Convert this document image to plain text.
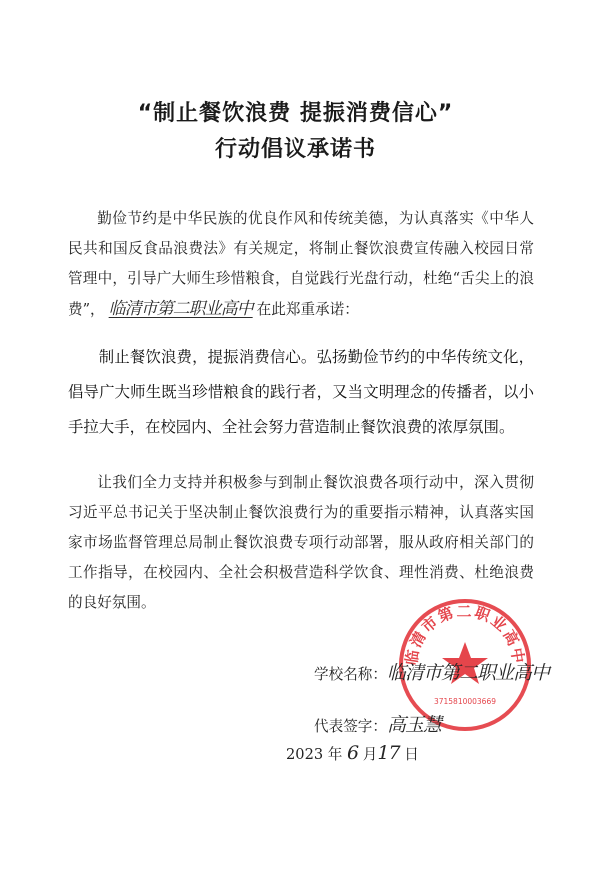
“制止餐饮浪费 提振消费信心”
行动倡议承诺书
勤俭节约是中华民族的优良作风和传统美德，为认真落实《中华人民共和国反食品浪费法》有关规定，将制止餐饮浪费宣传融入校园日常管理中，引导广大师生珍惜粮食，自觉践行光盘行动，杜绝“舌尖上的浪费”， 临清市第二职业高中 在此郑重承诺：
制止餐饮浪费，提振消费信心。弘扬勤俭节约的中华传统文化，倡导广大师生既当珍惜粮食的践行者，又当文明理念的传播者，以小手拉大手，在校园内、全社会努力营造制止餐饮浪费的浓厚氛围。
让我们全力支持并积极参与到制止餐饮浪费各项行动中，深入贯彻习近平总书记关于坚决制止餐饮浪费行为的重要指示精神，认真落实国家市场监督管理总局制止餐饮浪费专项行动部署，服从政府相关部门的工作指导，在校园内、全社会积极营造科学饮食、理性消费、杜绝浪费的良好氛围。
临清市第二职业高中
3715810003669
学校名称：临清市第二职业高中
代表签字：高玉慧
2023 年 6 月17 日
